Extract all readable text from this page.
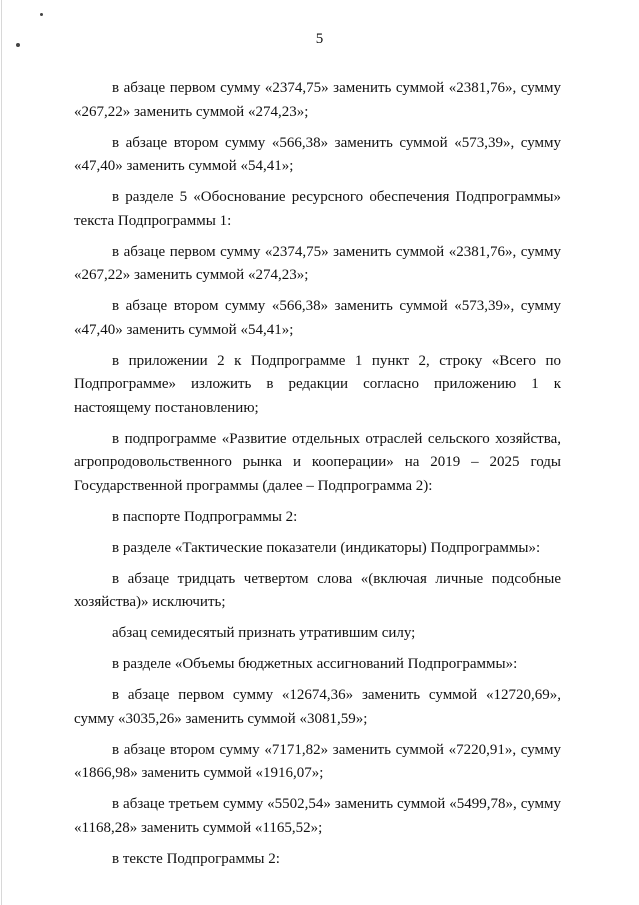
5

в абзаце первом сумму «2374,75» заменить суммой «2381,76», сумму «267,22» заменить суммой «274,23»;

в абзаце втором сумму «566,38» заменить суммой «573,39», сумму «47,40» заменить суммой «54,41»;

в разделе 5 «Обоснование ресурсного обеспечения Подпрограммы» текста Подпрограммы 1:

в абзаце первом сумму «2374,75» заменить суммой «2381,76», сумму «267,22» заменить суммой «274,23»;

в абзаце втором сумму «566,38» заменить суммой «573,39», сумму «47,40» заменить суммой «54,41»;

в приложении 2 к Подпрограмме 1 пункт 2, строку «Всего по Подпрограмме» изложить в редакции согласно приложению 1 к настоящему постановлению;

в подпрограмме «Развитие отдельных отраслей сельского хозяйства, агропродовольственного рынка и кооперации» на 2019 – 2025 годы Государственной программы (далее – Подпрограмма 2):

в паспорте Подпрограммы 2:

в разделе «Тактические показатели (индикаторы) Подпрограммы»:

в абзаце тридцать четвертом слова «(включая личные подсобные хозяйства)» исключить;

абзац семидесятый признать утратившим силу;

в разделе «Объемы бюджетных ассигнований Подпрограммы»:

в абзаце первом сумму «12674,36» заменить суммой «12720,69», сумму «3035,26» заменить суммой «3081,59»;

в абзаце втором сумму «7171,82» заменить суммой «7220,91», сумму «1866,98» заменить суммой «1916,07»;

в абзаце третьем сумму «5502,54» заменить суммой «5499,78», сумму «1168,28» заменить суммой «1165,52»;

в тексте Подпрограммы 2:
